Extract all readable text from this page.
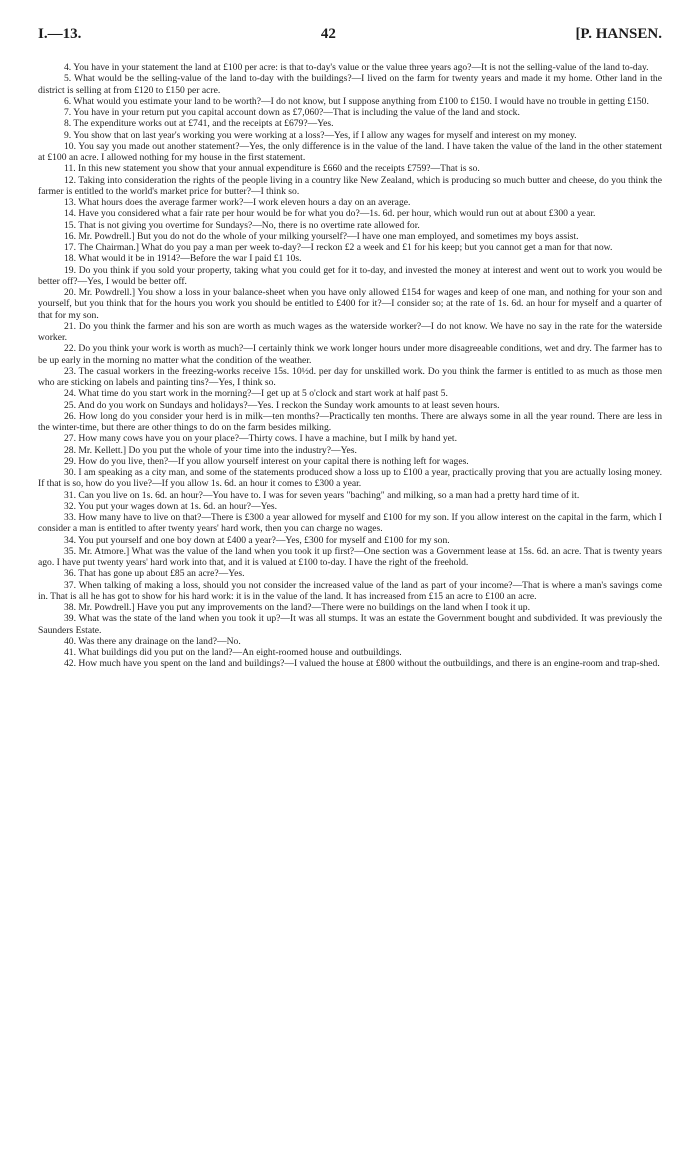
I.—13.	42	[P. HANSEN.

4. You have in your statement the land at £100 per acre: is that to-day's value or the value three years ago?—It is not the selling-value of the land to-day.

5. What would be the selling-value of the land to-day with the buildings?—I lived on the farm for twenty years and made it my home. Other land in the district is selling at from £120 to £150 per acre.

6. What would you estimate your land to be worth?—I do not know, but I suppose anything from £100 to £150. I would have no trouble in getting £150.

7. You have in your return put you capital account down as £7,060?—That is including the value of the land and stock.

8. The expenditure works out at £741, and the receipts at £679?—Yes.

9. You show that on last year's working you were working at a loss?—Yes, if I allow any wages for myself and interest on my money.

10. You say you made out another statement?—Yes, the only difference is in the value of the land. I have taken the value of the land in the other statement at £100 an acre. I allowed nothing for my house in the first statement.

11. In this new statement you show that your annual expenditure is £660 and the receipts £759?—That is so.

12. Taking into consideration the rights of the people living in a country like New Zealand, which is producing so much butter and cheese, do you think the farmer is entitled to the world's market price for butter?—I think so.

13. What hours does the average farmer work?—I work eleven hours a day on an average.

14. Have you considered what a fair rate per hour would be for what you do?—1s. 6d. per hour, which would run out at about £300 a year.

15. That is not giving you overtime for Sundays?—No, there is no overtime rate allowed for.

16. Mr. Powdrell.] But you do not do the whole of your milking yourself?—I have one man employed, and sometimes my boys assist.

17. The Chairman.] What do you pay a man per week to-day?—I reckon £2 a week and £1 for his keep; but you cannot get a man for that now.

18. What would it be in 1914?—Before the war I paid £1 10s.

19. Do you think if you sold your property, taking what you could get for it to-day, and invested the money at interest and went out to work you would be better off?—Yes, I would be better off.

20. Mr. Powdrell.] You show a loss in your balance-sheet when you have only allowed £154 for wages and keep of one man, and nothing for your son and yourself, but you think that for the hours you work you should be entitled to £400 for it?—I consider so; at the rate of 1s. 6d. an hour for myself and a quarter of that for my son.

21. Do you think the farmer and his son are worth as much wages as the waterside worker?—I do not know. We have no say in the rate for the waterside worker.

22. Do you think your work is worth as much?—I certainly think we work longer hours under more disagreeable conditions, wet and dry. The farmer has to be up early in the morning no matter what the condition of the weather.

23. The casual workers in the freezing-works receive 15s. 10½d. per day for unskilled work. Do you think the farmer is entitled to as much as those men who are sticking on labels and painting tins?—Yes, I think so.

24. What time do you start work in the morning?—I get up at 5 o'clock and start work at half past 5.

25. And do you work on Sundays and holidays?—Yes. I reckon the Sunday work amounts to at least seven hours.

26. How long do you consider your herd is in milk—ten months?—Practically ten months. There are always some in all the year round. There are less in the winter-time, but there are other things to do on the farm besides milking.

27. How many cows have you on your place?—Thirty cows. I have a machine, but I milk by hand yet.

28. Mr. Kellett.] Do you put the whole of your time into the industry?—Yes.

29. How do you live, then?—If you allow yourself interest on your capital there is nothing left for wages.

30. I am speaking as a city man, and some of the statements produced show a loss up to £100 a year, practically proving that you are actually losing money. If that is so, how do you live?—If you allow 1s. 6d. an hour it comes to £300 a year.

31. Can you live on 1s. 6d. an hour?—You have to. I was for seven years "baching" and milking, so a man had a pretty hard time of it.

32. You put your wages down at 1s. 6d. an hour?—Yes.

33. How many have to live on that?—There is £300 a year allowed for myself and £100 for my son. If you allow interest on the capital in the farm, which I consider a man is entitled to after twenty years' hard work, then you can charge no wages.

34. You put yourself and one boy down at £400 a year?—Yes, £300 for myself and £100 for my son.

35. Mr. Atmore.] What was the value of the land when you took it up first?—One section was a Government lease at 15s. 6d. an acre. That is twenty years ago. I have put twenty years' hard work into that, and it is valued at £100 to-day. I have the right of the freehold.

36. That has gone up about £85 an acre?—Yes.

37. When talking of making a loss, should you not consider the increased value of the land as part of your income?—That is where a man's savings come in. That is all he has got to show for his hard work: it is in the value of the land. It has increased from £15 an acre to £100 an acre.

38. Mr. Powdrell.] Have you put any improvements on the land?—There were no buildings on the land when I took it up.

39. What was the state of the land when you took it up?—It was all stumps. It was an estate the Government bought and subdivided. It was previously the Saunders Estate.

40. Was there any drainage on the land?—No.

41. What buildings did you put on the land?—An eight-roomed house and outbuildings.

42. How much have you spent on the land and buildings?—I valued the house at £800 without the outbuildings, and there is an engine-room and trap-shed.
